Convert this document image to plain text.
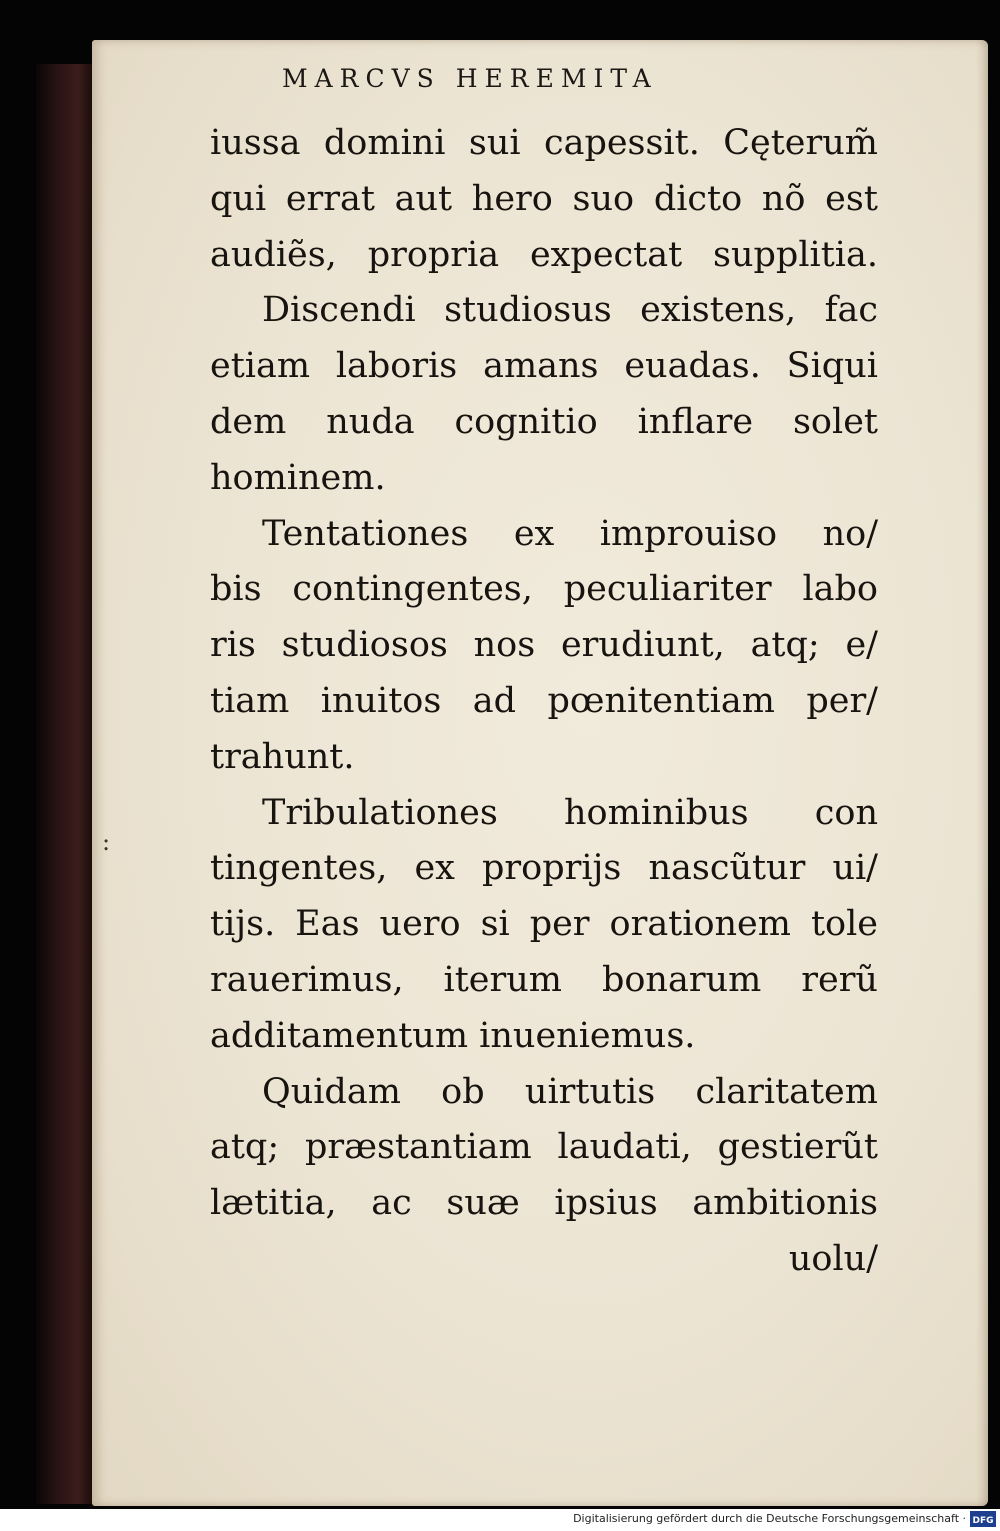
MARCVS HEREMITA
iussa domini sui capessit. Cęterum̃
qui errat aut hero suo dicto nõ est
audiẽs, propria expectat supplitia.
Discendi studiosus existens, fac
etiam laboris amans euadas. Siqui
dem nuda cognitio inflare solet
hominem.
Tentationes ex improuiso no/
bis contingentes, peculiariter labo
ris studiosos nos erudiunt, atq; e/
tiam inuitos ad pœnitentiam per/
trahunt.
Tribulationes hominibus con
tingentes, ex proprijs nascũtur ui/
tijs. Eas uero si per orationem tole
rauerimus, iterum bonarum rerũ
additamentum inueniemus.
Quidam ob uirtutis claritatem
atq; præstantiam laudati, gestierũt
lætitia, ac suæ ipsius ambitionis
uolu/
:
Digitalisierung gefördert durch die Deutsche Forschungsgemeinschaft · DFG
